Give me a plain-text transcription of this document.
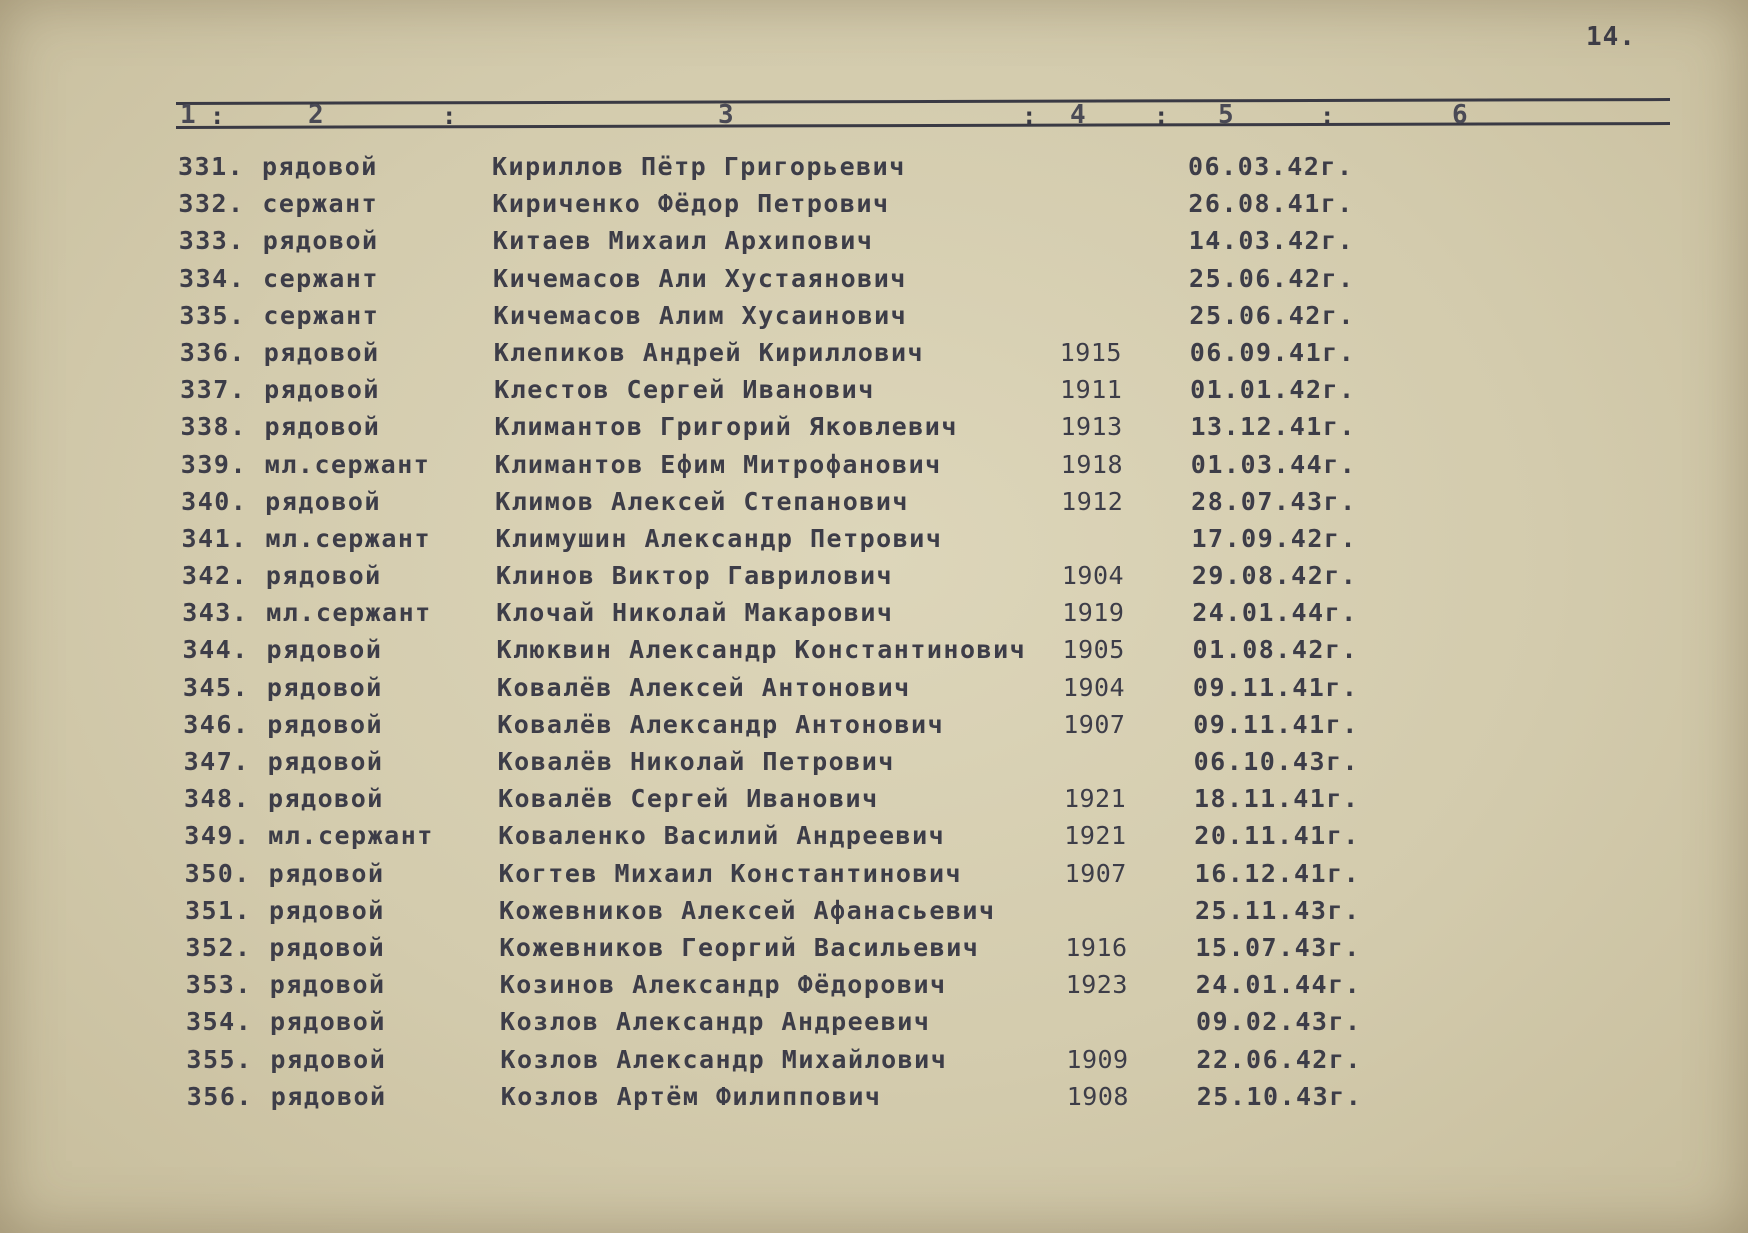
14.
1 :	2	:	3	: 4	: 5	:	6
331. рядовой	Кириллов Пётр Григорьевич	06.03.42г.
332. сержант	Кириченко Фёдор Петрович	26.08.41г.
333. рядовой	Китаев Михаил Архипович	14.03.42г.
334. сержант	Кичемасов Али Хустаянович	25.06.42г.
335. сержант	Кичемасов Алим Хусаинович	25.06.42г.
336. рядовой	Клепиков Андрей Кириллович	1915	06.09.41г.
337. рядовой	Клестов Сергей Иванович	1911	01.01.42г.
338. рядовой	Климантов Григорий Яковлевич	1913	13.12.41г.
339. мл.сержант	Климантов Ефим Митрофанович	1918	01.03.44г.
340. рядовой	Климов Алексей Степанович	1912	28.07.43г.
341. мл.сержант	Климушин Александр Петрович	17.09.42г.
342. рядовой	Клинов Виктор Гаврилович	1904	29.08.42г.
343. мл.сержант	Клочай Николай Макарович	1919	24.01.44г.
344. рядовой	Клюквин Александр Константинович 1905	01.08.42г.
345. рядовой	Ковалёв Алексей Антонович	1904	09.11.41г.
346. рядовой	Ковалёв Александр Антонович	1907	09.11.41г.
347. рядовой	Ковалёв Николай Петрович	06.10.43г.
348. рядовой	Ковалёв Сергей Иванович	1921	18.11.41г.
349. мл.сержант	Коваленко Василий Андреевич	1921	20.11.41г.
350. рядовой	Когтев Михаил Константинович	1907	16.12.41г.
351. рядовой	Кожевников Алексей Афанасьевич	25.11.43г.
352. рядовой	Кожевников Георгий Васильевич	1916	15.07.43г.
353. рядовой	Козинов Александр Фёдорович	1923	24.01.44г.
354. рядовой	Козлов Александр Андреевич	09.02.43г.
355. рядовой	Козлов Александр Михайлович	1909	22.06.42г.
356. рядовой	Козлов Артём Филиппович	1908	25.10.43г.
